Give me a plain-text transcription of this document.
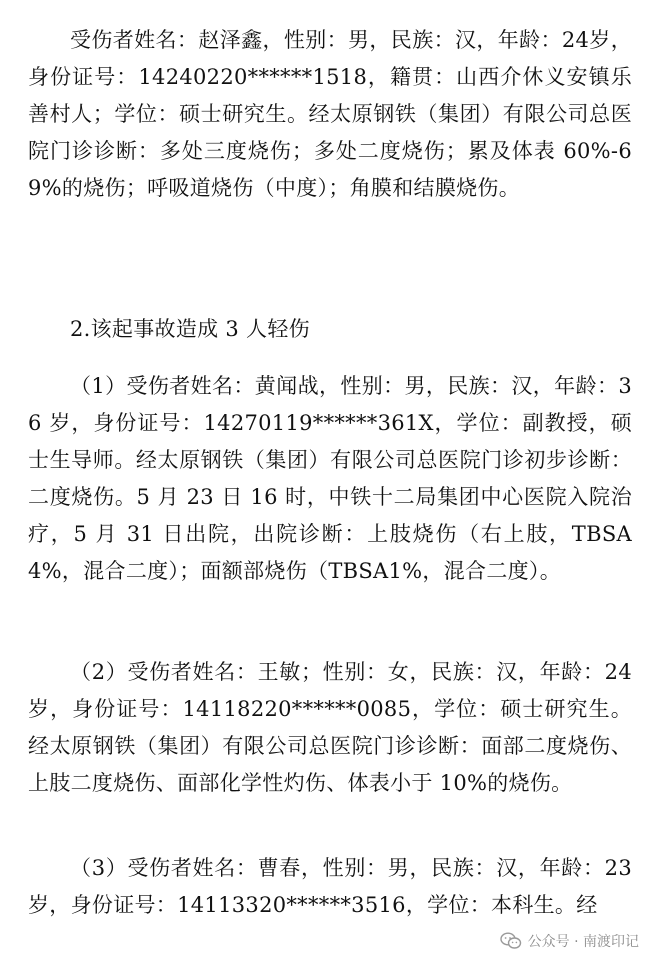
受伤者姓名：赵泽鑫，性别：男，民族：汉，年龄：24岁，身份证号：14240220******1518，籍贯：山西介休义安镇乐善村人；学位：硕士研究生。经太原钢铁（集团）有限公司总医院门诊诊断：多处三度烧伤；多处二度烧伤；累及体表 60%-69%的烧伤；呼吸道烧伤（中度）；角膜和结膜烧伤。

2.该起事故造成 3 人轻伤

（1）受伤者姓名：黄闻战，性别：男，民族：汉，年龄：36 岁，身份证号：14270119******361X，学位：副教授，硕士生导师。经太原钢铁（集团）有限公司总医院门诊初步诊断：二度烧伤。5 月 23 日 16 时，中铁十二局集团中心医院入院治疗，5 月 31 日出院，出院诊断：上肢烧伤（右上肢，TBSA4%，混合二度）；面额部烧伤（TBSA1%，混合二度）。

（2）受伤者姓名：王敏；性别：女，民族：汉，年龄：24 岁，身份证号：14118220******0085，学位：硕士研究生。经太原钢铁（集团）有限公司总医院门诊诊断：面部二度烧伤、上肢二度烧伤、面部化学性灼伤、体表小于 10%的烧伤。

（3）受伤者姓名：曹春，性别：男，民族：汉，年龄：23 岁，身份证号：14113320******3516，学位：本科生。经

公众号 · 南渡印记
